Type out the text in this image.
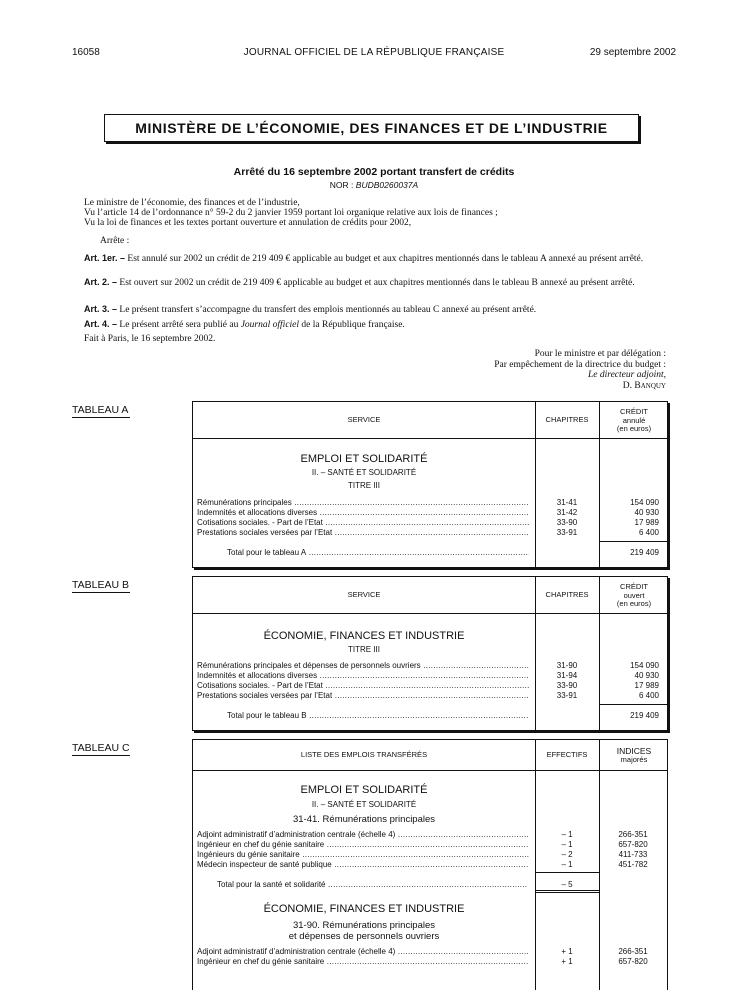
16058	JOURNAL OFFICIEL DE LA RÉPUBLIQUE FRANÇAISE	29 septembre 2002
MINISTÈRE DE L’ÉCONOMIE, DES FINANCES ET DE L’INDUSTRIE
Arrêté du 16 septembre 2002 portant transfert de crédits
NOR : BUDB0260037A
Le ministre de l’économie, des finances et de l’industrie,
Vu l’article 14 de l’ordonnance n° 59-2 du 2 janvier 1959 portant loi organique relative aux lois de finances ;
Vu la loi de finances et les textes portant ouverture et annulation de crédits pour 2002,
Arrête :
Art. 1er. – Est annulé sur 2002 un crédit de 219 409 € applicable au budget et aux chapitres mentionnés dans le tableau A annexé au présent arrêté.
Art. 2. – Est ouvert sur 2002 un crédit de 219 409 € applicable au budget et aux chapitres mentionnés dans le tableau B annexé au présent arrêté.
Art. 3. – Le présent transfert s’accompagne du transfert des emplois mentionnés au tableau C annexé au présent arrêté.
Art. 4. – Le présent arrêté sera publié au Journal officiel de la République française.
Fait à Paris, le 16 septembre 2002.
Pour le ministre et par délégation :
Par empêchement de la directrice du budget :
Le directeur adjoint,
D. Banquy
TABLEAU A
SERVICE	CHAPITRES
CRÉDIT
annulé
(en euros)
EMPLOI ET SOLIDARITÉ
II. – SANTÉ ET SOLIDARITÉ
TITRE III
Rémunérations principales .....	31-41	154 090
Indemnités et allocations diverses .....	31-42	40 930
Cotisations sociales. - Part de l’Etat .....	33-90	17 989
Prestations sociales versées par l’Etat .....	33-91	6 400
Total pour le tableau A .....	219 409
TABLEAU B
SERVICE	CHAPITRES
CRÉDIT
ouvert
(en euros)
ÉCONOMIE, FINANCES ET INDUSTRIE
TITRE III
Rémunérations principales et dépenses de personnels ouvriers .....	31-90	154 090
Indemnités et allocations diverses .....	31-94	40 930
Cotisations sociales. - Part de l’Etat .....	33-90	17 989
Prestations sociales versées par l’Etat .....	33-91	6 400
Total pour le tableau B .....	219 409
TABLEAU C
LISTE DES EMPLOIS TRANSFÉRÉS	EFFECTIFS	INDICES
majorés
EMPLOI ET SOLIDARITÉ
II. – SANTÉ ET SOLIDARITÉ
31-41. Rémunérations principales
Adjoint administratif d’administration centrale (échelle 4) .....	– 1	266-351
Ingénieur en chef du génie sanitaire .....	– 1	657-820
Ingénieurs du génie sanitaire .....	– 2	411-733
Médecin inspecteur de santé publique .....	– 1	451-782
Total pour la santé et solidarité .....	– 5
ÉCONOMIE, FINANCES ET INDUSTRIE
31-90. Rémunérations principales
et dépenses de personnels ouvriers
Adjoint administratif d’administration centrale (échelle 4) .....	+ 1	266-351
Ingénieur en chef du génie sanitaire .....	+ 1	657-820
